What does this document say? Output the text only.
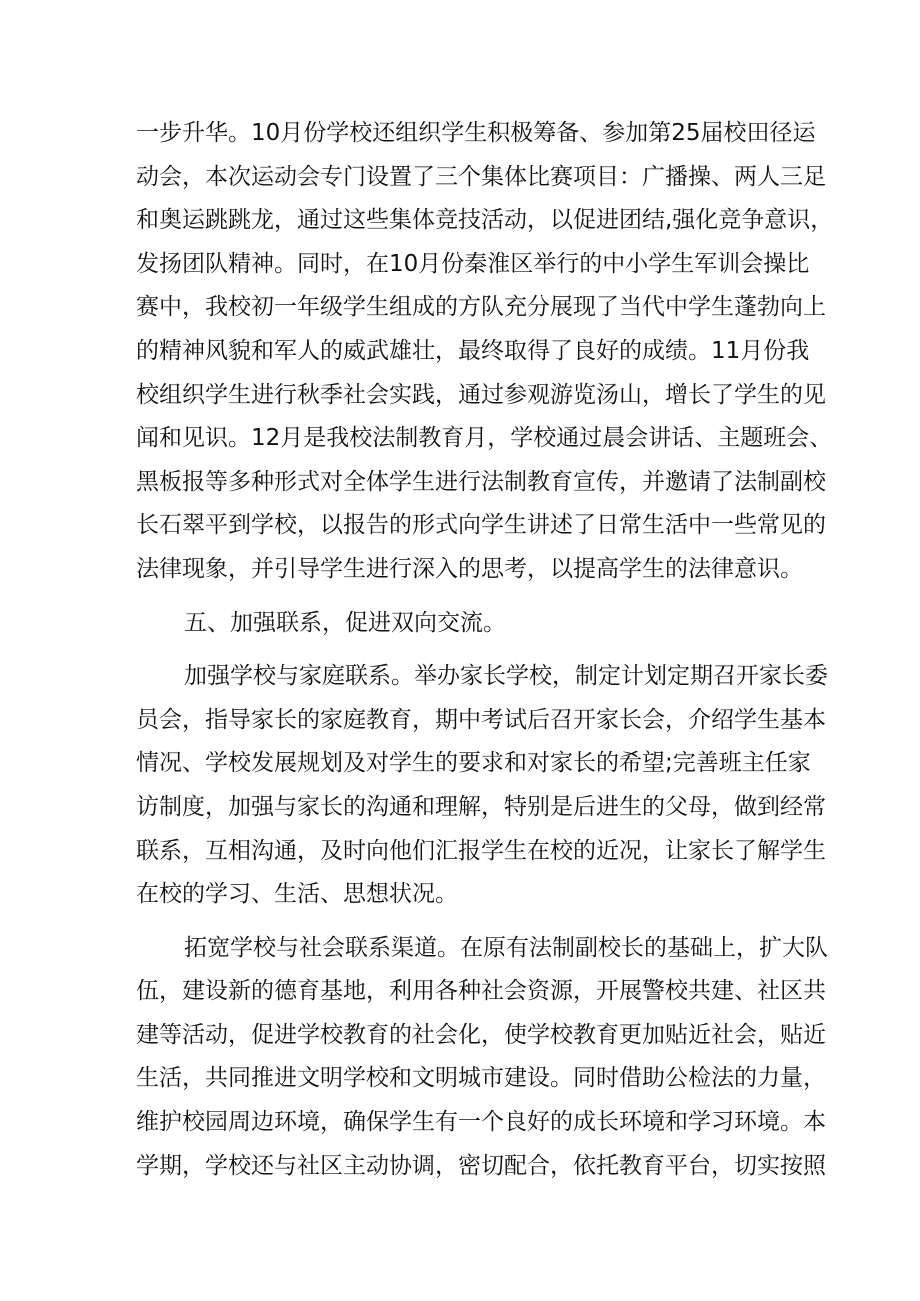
一步升华。10月份学校还组织学生积极筹备、参加第25届校田径运
动会，本次运动会专门设置了三个集体比赛项目：广播操、两人三足
和奥运跳跳龙，通过这些集体竞技活动，以促进团结,强化竞争意识，
发扬团队精神。同时，在10月份秦淮区举行的中小学生军训会操比
赛中，我校初一年级学生组成的方队充分展现了当代中学生蓬勃向上
的精神风貌和军人的威武雄壮，最终取得了良好的成绩。11月份我
校组织学生进行秋季社会实践，通过参观游览汤山，增长了学生的见
闻和见识。12月是我校法制教育月，学校通过晨会讲话、主题班会、
黑板报等多种形式对全体学生进行法制教育宣传，并邀请了法制副校
长石翠平到学校，以报告的形式向学生讲述了日常生活中一些常见的
法律现象，并引导学生进行深入的思考，以提高学生的法律意识。
五、加强联系，促进双向交流。
加强学校与家庭联系。举办家长学校，制定计划定期召开家长委
员会，指导家长的家庭教育，期中考试后召开家长会，介绍学生基本
情况、学校发展规划及对学生的要求和对家长的希望;完善班主任家
访制度，加强与家长的沟通和理解，特别是后进生的父母，做到经常
联系，互相沟通，及时向他们汇报学生在校的近况，让家长了解学生
在校的学习、生活、思想状况。
拓宽学校与社会联系渠道。在原有法制副校长的基础上，扩大队
伍，建设新的德育基地，利用各种社会资源，开展警校共建、社区共
建等活动，促进学校教育的社会化，使学校教育更加贴近社会，贴近
生活，共同推进文明学校和文明城市建设。同时借助公检法的力量，
维护校园周边环境，确保学生有一个良好的成长环境和学习环境。本
学期，学校还与社区主动协调，密切配合，依托教育平台，切实按照
